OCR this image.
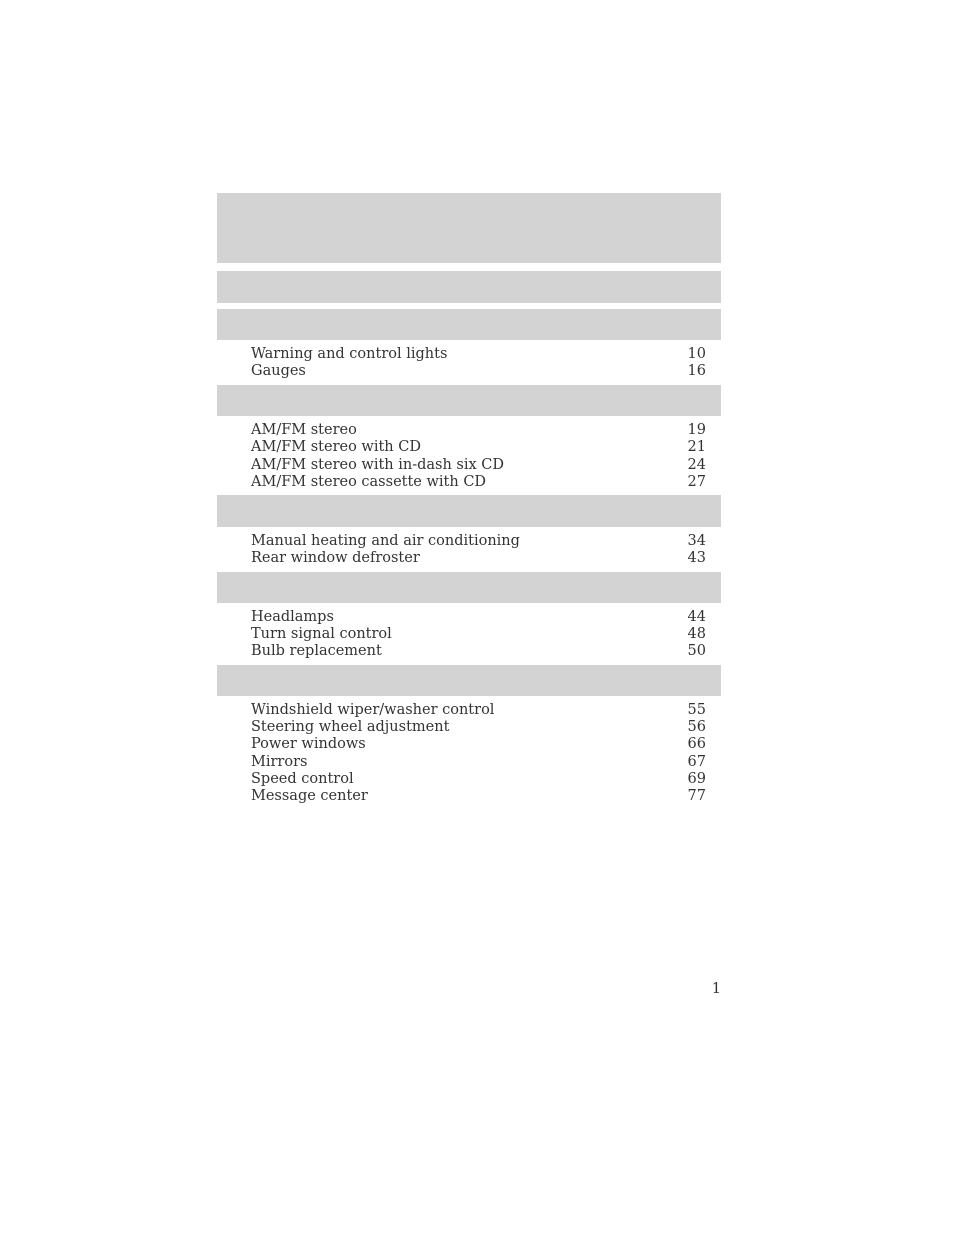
Warning and control lights	10
Gauges	16
AM/FM stereo	19
AM/FM stereo with CD	21
AM/FM stereo with in-dash six CD	24
AM/FM stereo cassette with CD	27
Manual heating and air conditioning	34
Rear window defroster	43
Headlamps	44
Turn signal control	48
Bulb replacement	50
Windshield wiper/washer control	55
Steering wheel adjustment	56
Power windows	66
Mirrors	67
Speed control	69
Message center	77
1
